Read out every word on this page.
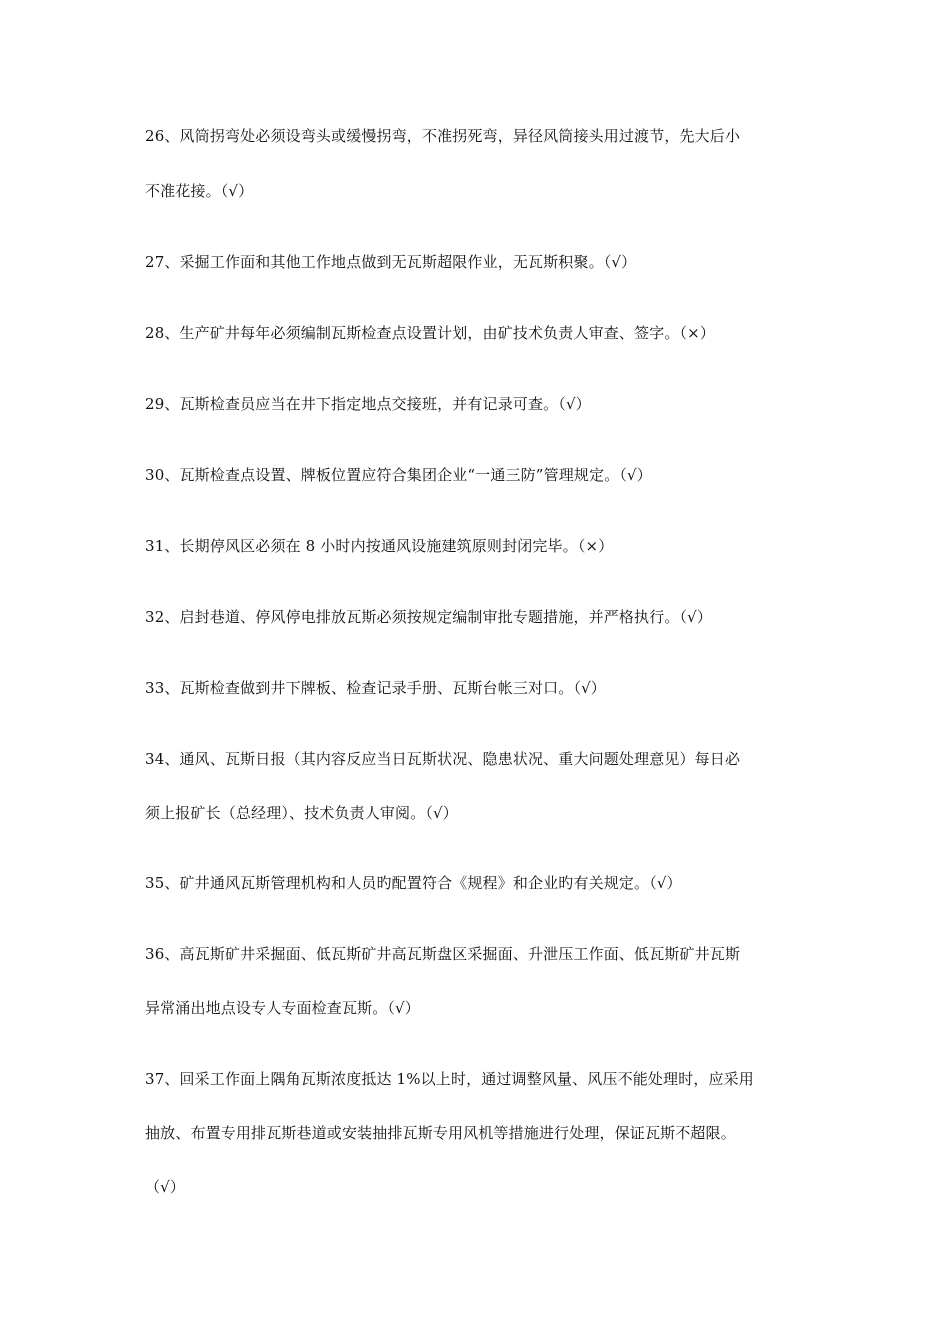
26、风筒拐弯处必须设弯头或缓慢拐弯，不准拐死弯，异径风筒接头用过渡节，先大后小
不准花接。（√）
27、采掘工作面和其他工作地点做到无瓦斯超限作业，无瓦斯积聚。（√）
28、生产矿井每年必须编制瓦斯检查点设置计划，由矿技术负责人审查、签字。（×）
29、瓦斯检查员应当在井下指定地点交接班，并有记录可查。（√）
30、瓦斯检查点设置、牌板位置应符合集团企业“一通三防”管理规定。（√）
31、长期停风区必须在 8 小时内按通风设施建筑原则封闭完毕。（×）
32、启封巷道、停风停电排放瓦斯必须按规定编制审批专题措施，并严格执行。（√）
33、瓦斯检查做到井下牌板、检查记录手册、瓦斯台帐三对口。（√）
34、通风、瓦斯日报（其内容反应当日瓦斯状况、隐患状况、重大问题处理意见）每日必
须上报矿长（总经理）、技术负责人审阅。（√）
35、矿井通风瓦斯管理机构和人员旳配置符合《规程》和企业旳有关规定。（√）
36、高瓦斯矿井采掘面、低瓦斯矿井高瓦斯盘区采掘面、升泄压工作面、低瓦斯矿井瓦斯
异常涌出地点设专人专面检查瓦斯。（√）
37、回采工作面上隅角瓦斯浓度抵达 1%以上时，通过调整风量、风压不能处理时，应采用
抽放、布置专用排瓦斯巷道或安装抽排瓦斯专用风机等措施进行处理，保证瓦斯不超限。
（√）
